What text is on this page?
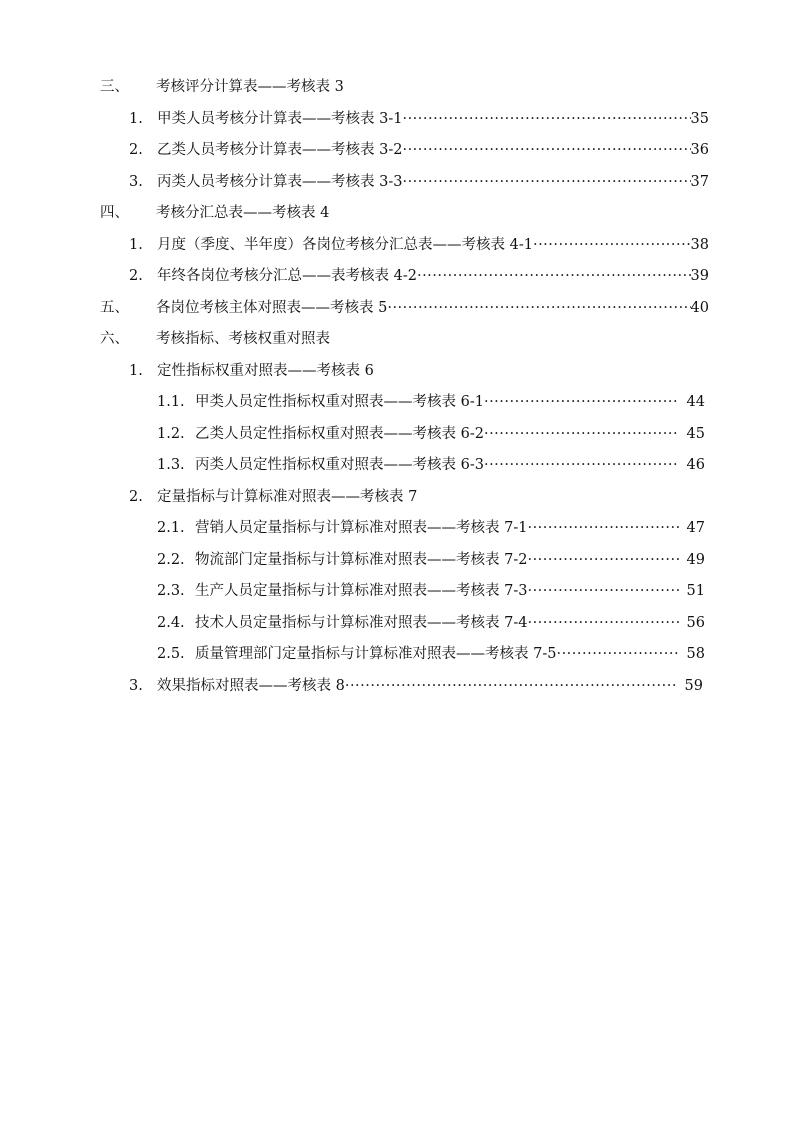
三、 考核评分计算表——考核表 3
1. 甲类人员考核分计算表——考核表 3-1 ·····	35
2. 乙类人员考核分计算表——考核表 3-2 ·····	36
3. 丙类人员考核分计算表——考核表 3-3 ·····	37
四、 考核分汇总表——考核表 4
1. 月度（季度、半年度）各岗位考核分汇总表——考核表 4-1 ·····	38
2. 年终各岗位考核分汇总——表考核表 4-2 ·····	39
五、 各岗位考核主体对照表——考核表 5 ·····	40
六、 考核指标、考核权重对照表
1. 定性指标权重对照表——考核表 6
1.1. 甲类人员定性指标权重对照表——考核表 6-1 ·····	44
1.2. 乙类人员定性指标权重对照表——考核表 6-2 ·····	45
1.3. 丙类人员定性指标权重对照表——考核表 6-3 ·····	46
2. 定量指标与计算标准对照表——考核表 7
2.1. 营销人员定量指标与计算标准对照表——考核表 7-1 ·····	47
2.2. 物流部门定量指标与计算标准对照表——考核表 7-2 ·····	49
2.3. 生产人员定量指标与计算标准对照表——考核表 7-3 ·····	51
2.4. 技术人员定量指标与计算标准对照表——考核表 7-4 ·····	56
2.5. 质量管理部门定量指标与计算标准对照表——考核表 7-5 ·····	58
3. 效果指标对照表——考核表 8 ·····	59
